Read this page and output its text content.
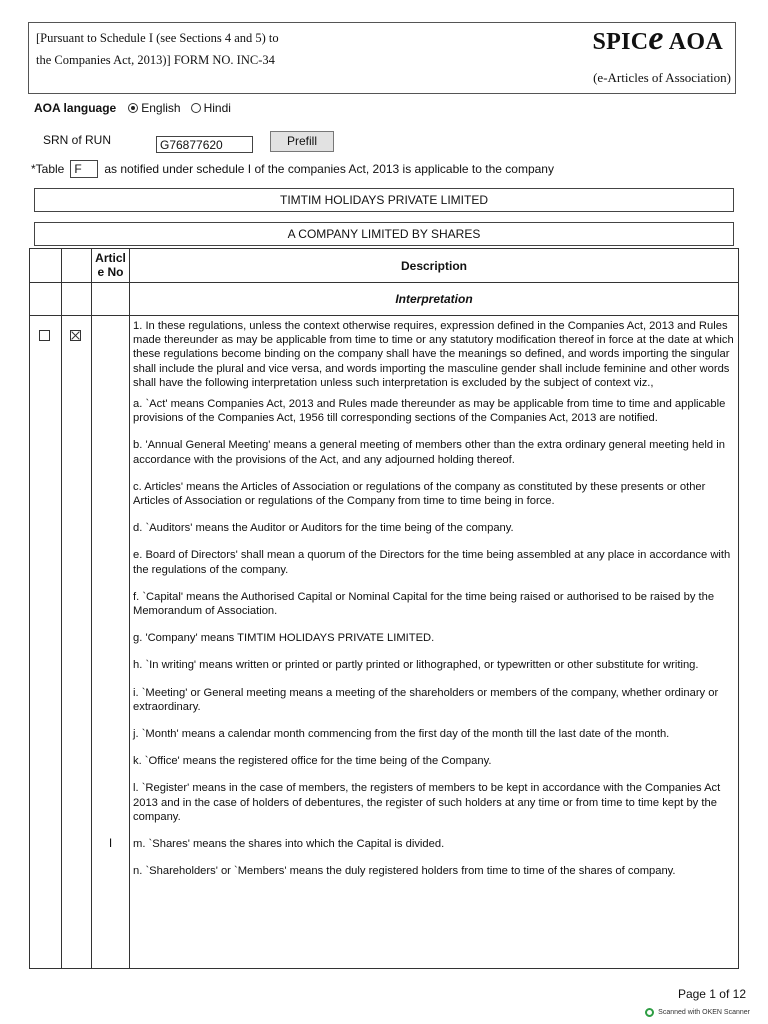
[Pursuant to Schedule I (see Sections 4 and 5) to
the Companies Act, 2013)] FORM NO. INC-34
SPICe AOA
(e-Articles of Association)
AOA language English Hindi
SRN of RUN	G76877620	Prefill
*Table F	as notified under schedule I of the companies Act, 2013 is applicable to the company
TIMTIM HOLIDAYS PRIVATE LIMITED
A COMPANY LIMITED BY SHARES
Articl e No	Description
Interpretation
I

1. In these regulations, unless the context otherwise requires, expression defined in the Companies Act, 2013 and Rules made thereunder as may be applicable from time to time or any statutory modification thereof in force at the date at which these regulations become binding on the company shall have the meanings so defined, and words importing the singular shall include the plural and vice versa, and words importing the masculine gender shall include feminine and other words shall have the following interpretation unless such interpretation is excluded by the subject of context viz.,

a. `Act' means Companies Act, 2013 and Rules made thereunder as may be applicable from time to time and applicable provisions of the Companies Act, 1956 till corresponding sections of the Companies Act, 2013 are notified.

b. 'Annual General Meeting' means a general meeting of members other than the extra ordinary general meeting held in accordance with the provisions of the Act, and any adjourned holding thereof.

c. Articles' means the Articles of Association or regulations of the company as constituted by these presents or other Articles of Association or regulations of the Company from time to time being in force.

d. `Auditors' means the Auditor or Auditors for the time being of the company.

e. Board of Directors' shall mean a quorum of the Directors for the time being assembled at any place in accordance with the regulations of the company.

f. `Capital' means the Authorised Capital or Nominal Capital for the time being raised or authorised to be raised by the Memorandum of Association.

g. 'Company' means TIMTIM HOLIDAYS PRIVATE LIMITED.

h. `In writing' means written or printed or partly printed or lithographed, or typewritten or other substitute for writing.

i. `Meeting' or General meeting means a meeting of the shareholders or members of the company, whether ordinary or extraordinary.

j. `Month' means a calendar month commencing from the first day of the month till the last date of the month.

k. `Office' means the registered office for the time being of the Company.

l. `Register' means in the case of members, the registers of members to be kept in accordance with the Companies Act 2013 and in the case of holders of debentures, the register of such holders at any time or from time to time kept by the company.

m. `Shares' means the shares into which the Capital is divided.

n. `Shareholders' or `Members' means the duly registered holders from time to time of the shares of company.

Page 1 of 12
Scanned with OKEN Scanner
